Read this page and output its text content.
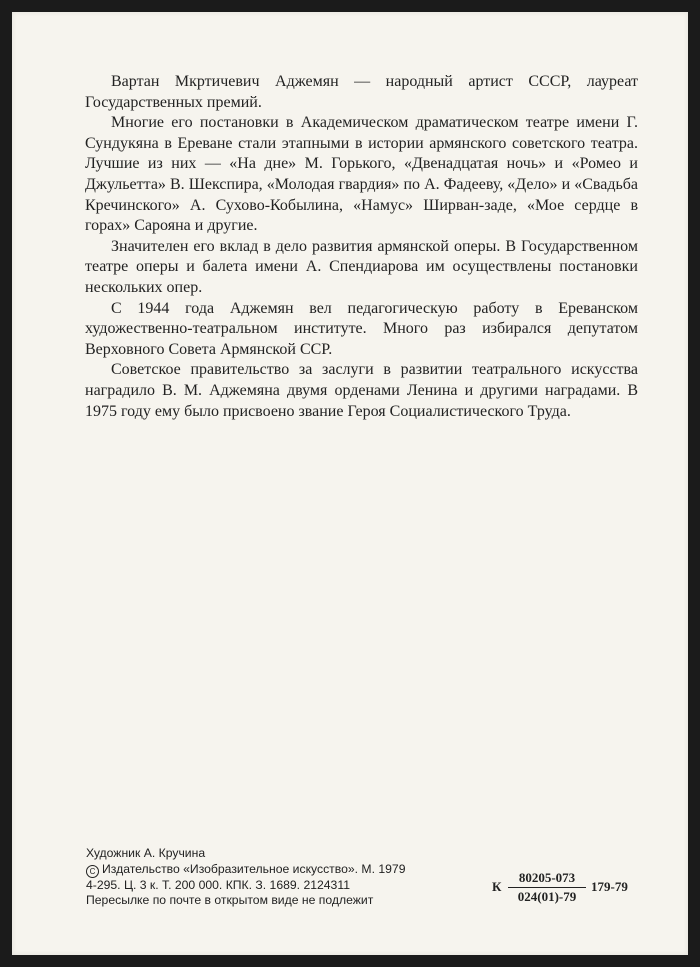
Вартан Мкртичевич Аджемян — народный артист СССР, лауреат Государственных премий.

Многие его постановки в Академическом драматическом театре имени Г. Сундукяна в Ереване стали этапными в истории армянского советского театра. Лучшие из них — «На дне» М. Горького, «Двенадцатая ночь» и «Ромео и Джульетта» В. Шекспира, «Молодая гвардия» по А. Фадееву, «Дело» и «Свадьба Кречинского» А. Сухово-Кобылина, «Намус» Ширван-заде, «Мое сердце в горах» Сарояна и другие.

Значителен его вклад в дело развития армянской оперы. В Государственном театре оперы и балета имени А. Спендиарова им осуществлены постановки нескольких опер.

С 1944 года Аджемян вел педагогическую работу в Ереванском художественно-театральном институте. Много раз избирался депутатом Верховного Совета Армянской ССР.

Советское правительство за заслуги в развитии театрального искусства наградило В. М. Аджемяна двумя орденами Ленина и другими наградами. В 1975 году ему было присвоено звание Героя Социалистического Труда.

Художник А. Кручина
C Издательство «Изобразительное искусство». М. 1979
4-295. Ц. 3 к. Т. 200 000. КПК. З. 1689. 2124311
Пересылке по почте в открытом виде не подлежит
К $\frac{80205-073}{024(01)-79} 179-79$
